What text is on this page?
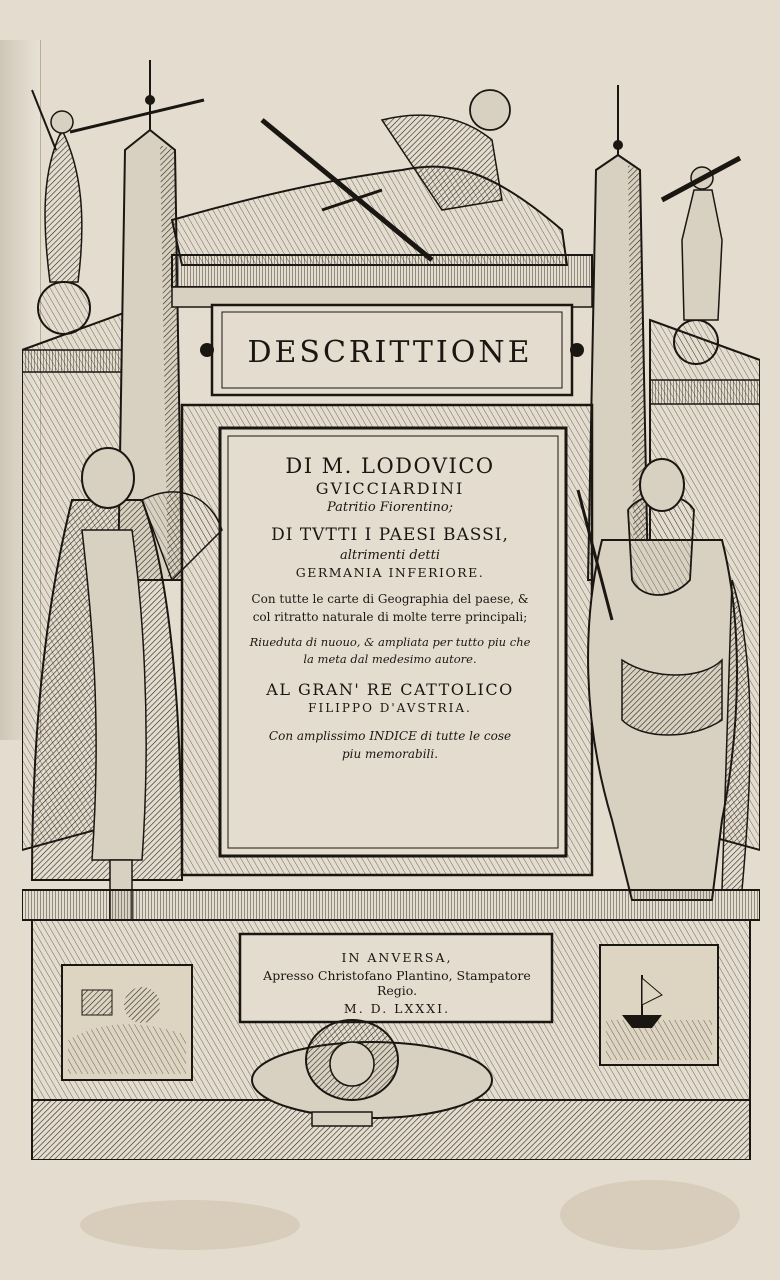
DESCRITTIONE
DI M. LODOVICO
GVICCIARDINI
Patritio Fiorentino;
DI TVTTI I PAESI BASSI,
altrimenti detti
GERMANIA INFERIORE.
Con tutte le carte di Geographia del paese, & col ritratto naturale di molte terre principali;
Riueduta di nuouo, & ampliata per tutto piu che la meta dal medesimo autore.
AL GRAN' RE CATTOLICO
FILIPPO D'AVSTRIA.
Con amplissimo INDICE di tutte le cose piu memorabili.
IN ANVERSA,
Apresso Christofano Plantino, Stampatore Regio.
M. D. LXXXI.
